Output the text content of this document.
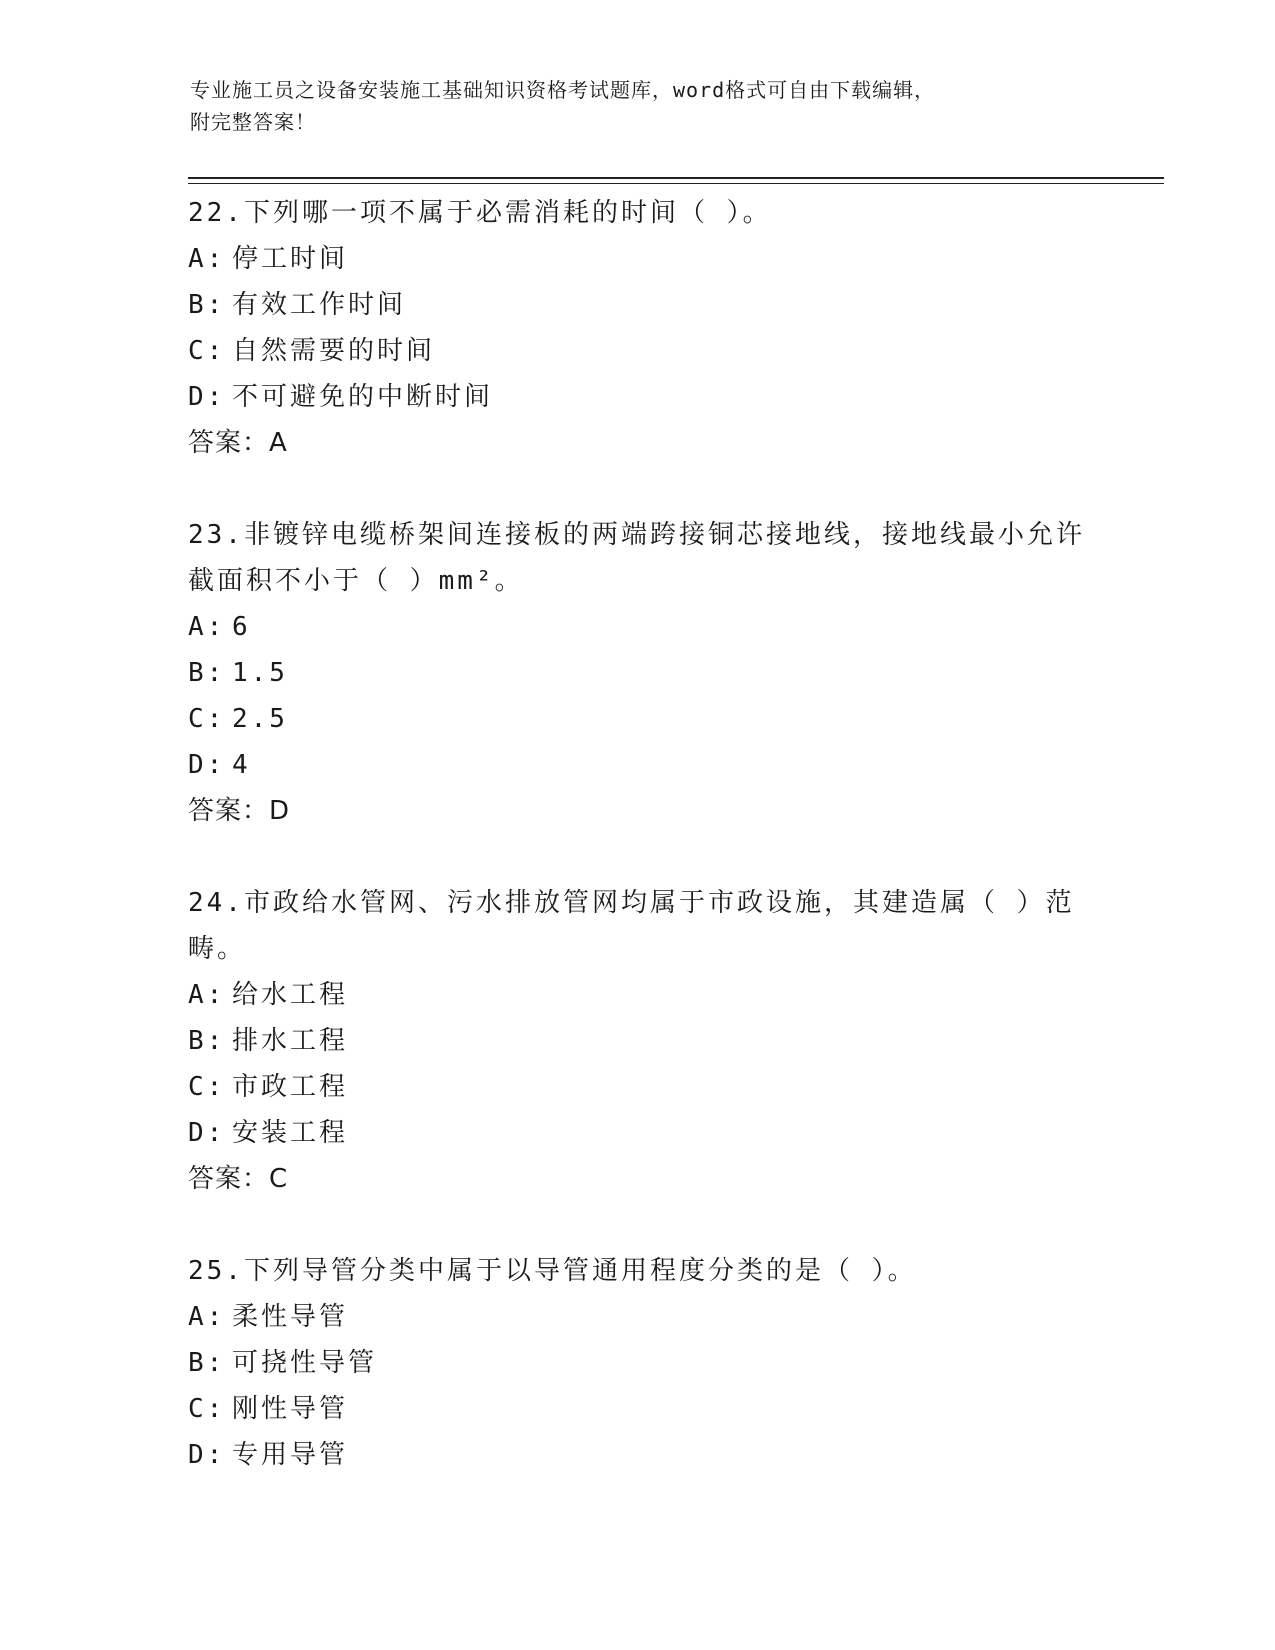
专业施工员之设备安装施工基础知识资格考试题库，word格式可自由下载编辑，
附完整答案！
22.下列哪一项不属于必需消耗的时间（ ）。
A: 停工时间
B: 有效工作时间
C: 自然需要的时间
D: 不可避免的中断时间
答案：A
23.非镀锌电缆桥架间连接板的两端跨接铜芯接地线，接地线最小允许
截面积不小于（ ）mm²。
A: 6
B: 1.5
C: 2.5
D: 4
答案：D
24.市政给水管网、污水排放管网均属于市政设施，其建造属（ ）范
畴。
A: 给水工程
B: 排水工程
C: 市政工程
D: 安装工程
答案：C
25.下列导管分类中属于以导管通用程度分类的是（ ）。
A: 柔性导管
B: 可挠性导管
C: 刚性导管
D: 专用导管
